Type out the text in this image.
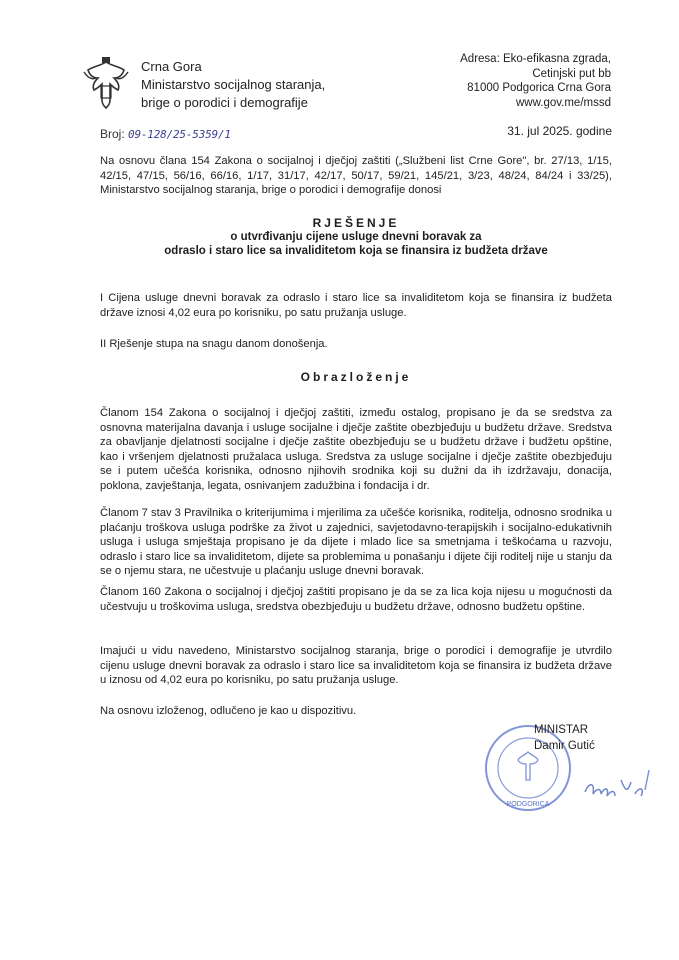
Crna Gora
Ministarstvo socijalnog staranja,
brige o porodici i demografije
Adresa: Eko-efikasna zgrada,
Cetinjski put bb
81000 Podgorica Crna Gora
www.gov.me/mssd
Broj: 09-128/25-5359/1	31. jul 2025. godine
Na osnovu člana 154 Zakona o socijalnoj i dječjoj zaštiti („Službeni list Crne Gore", br. 27/13, 1/15, 42/15, 47/15, 56/16, 66/16, 1/17, 31/17, 42/17, 50/17, 59/21, 145/21, 3/23, 48/24, 84/24 i 33/25), Ministarstvo socijalnog staranja, brige o porodici i demografije donosi
RJEŠENJE
o utvrđivanju cijene usluge dnevni boravak za
odraslo i staro lice sa invaliditetom koja se finansira iz budžeta države
I Cijena usluge dnevni boravak za odraslo i staro lice sa invaliditetom koja se finansira iz budžeta države iznosi 4,02 eura po korisniku, po satu pružanja usluge.
II Rješenje stupa na snagu danom donošenja.
Obrazloženje
Članom 154 Zakona o socijalnoj i dječjoj zaštiti, između ostalog, propisano je da se sredstva za osnovna materijalna davanja i usluge socijalne i dječje zaštite obezbjeđuju u budžetu države. Sredstva za obavljanje djelatnosti socijalne i dječje zaštite obezbjeđuju se u budžetu države i budžetu opštine, kao i vršenjem djelatnosti pružalaca usluga. Sredstva za usluge socijalne i dječje zaštite obezbjeđuju se i putem učešća korisnika, odnosno njihovih srodnika koji su dužni da ih izdržavaju, donacija, poklona, zavještanja, legata, osnivanjem zadužbina i fondacija i dr.
Članom 7 stav 3 Pravilnika o kriterijumima i mjerilima za učešće korisnika, roditelja, odnosno srodnika u plaćanju troškova usluga podrške za život u zajednici, savjetodavno-terapijskih i socijalno-edukativnih usluga i usluga smještaja propisano je da dijete i mlado lice sa smetnjama i teškoćama u razvoju, odraslo i staro lice sa invaliditetom, dijete sa problemima u ponašanju i dijete čiji roditelj nije u stanju da se o njemu stara, ne učestvuje u plaćanju usluge dnevni boravak.
Članom 160 Zakona o socijalnoj i dječjoj zaštiti propisano je da se za lica koja nijesu u mogućnosti da učestvuju u troškovima usluga, sredstva obezbjeđuju u budžetu države, odnosno budžetu opštine.
Imajući u vidu navedeno, Ministarstvo socijalnog staranja, brige o porodici i demografije je utvrdilo cijenu usluge dnevni boravak za odraslo i staro lice sa invaliditetom koja se finansira iz budžeta države u iznosu od 4,02 eura po korisniku, po satu pružanja usluge.
Na osnovu izloženog, odlučeno je kao u dispozitivu.
PODGORICA
MINISTAR
Damir Gutić
